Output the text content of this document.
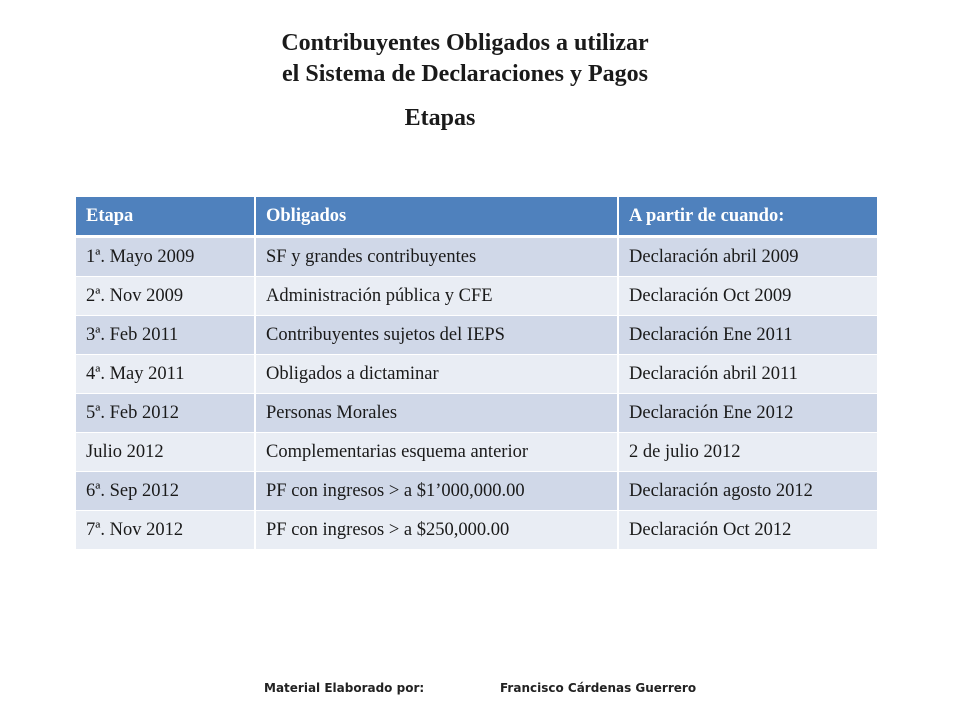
Contribuyentes Obligados a utilizar
el Sistema de Declaraciones y Pagos
Etapas
Etapa	Obligados	A partir de cuando:
1ª. Mayo 2009	SF y grandes contribuyentes	Declaración abril 2009
2ª. Nov 2009	Administración pública y CFE	Declaración Oct 2009
3ª. Feb 2011	Contribuyentes sujetos del IEPS	Declaración Ene 2011
4ª. May 2011	Obligados a dictaminar	Declaración abril 2011
5ª. Feb 2012	Personas Morales	Declaración Ene 2012
Julio 2012	Complementarias esquema anterior	2 de julio 2012
6ª. Sep 2012	PF con ingresos > a $1’000,000.00	Declaración agosto 2012
7ª. Nov 2012	PF con ingresos > a $250,000.00	Declaración Oct 2012
Material Elaborado por:	Francisco Cárdenas Guerrero
